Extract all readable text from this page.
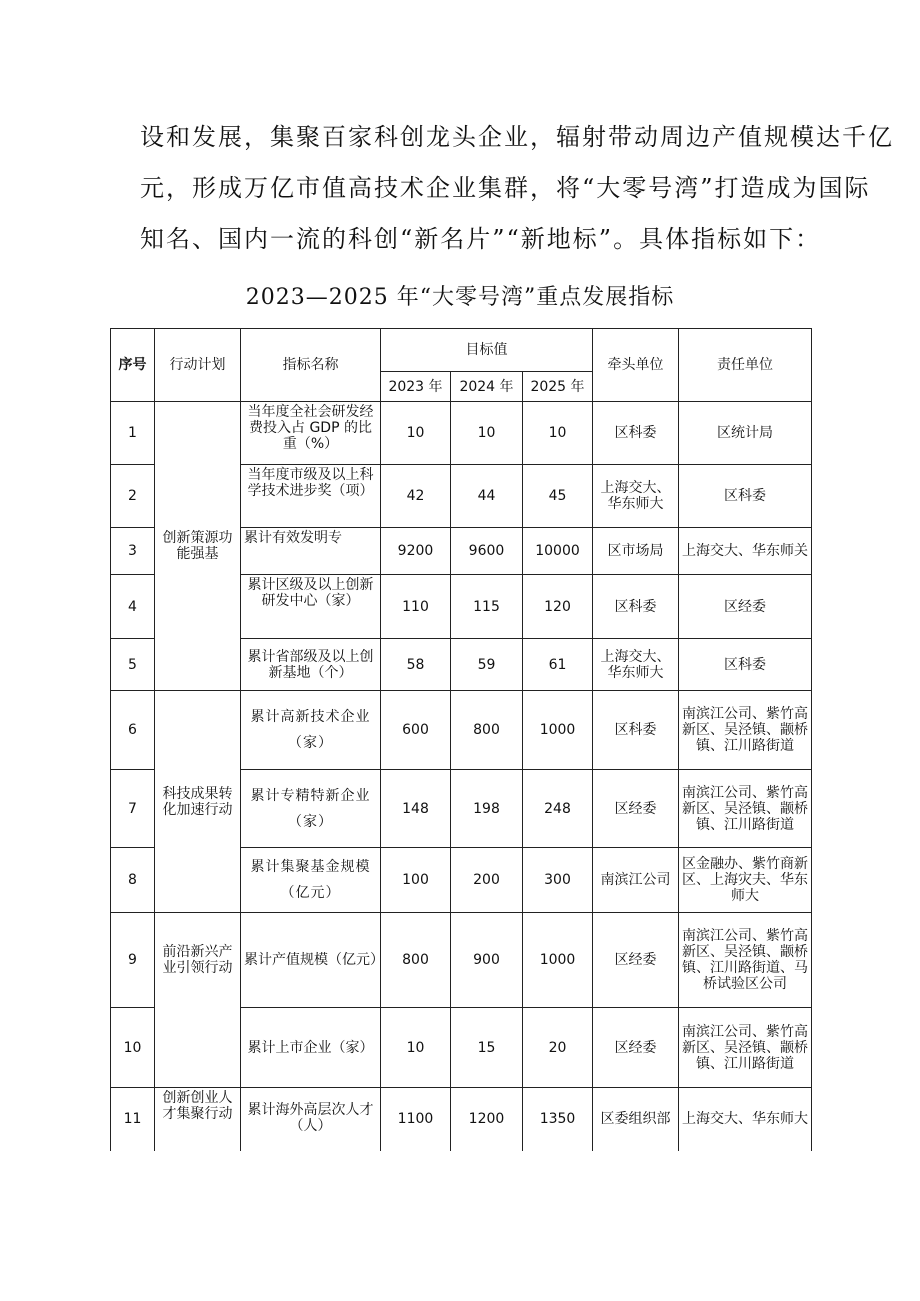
设和发展，集聚百家科创龙头企业，辐射带动周边产值规模达千亿

元，形成万亿市值高技术企业集群，将“大零号湾”打造成为国际

知名、国内一流的科创“新名片”“新地标”。具体指标如下：

2023—2025 年“大零号湾”重点发展指标
序号	行动计划	指标名称	目标值			牵头单位	责任单位
			2023 年	2024 年	2025 年		
1	创新策源功能强基	当年度全社会研发经费投入占 GDP 的比重（%）	10	10	10	区科委	区统计局
2		当年度市级及以上科学技术进步奖（项）	42	44	45	上海交大、华东师大	区科委
3		累计有效发明专	9200	9600	10000	区市场局	上海交大、华东师关
4		累计区级及以上创新研发中心（家）	110	115	120	区科委	区经委
5		累计省部级及以上创新基地（个）	58	59	61	上海交大、华东师大	区科委
6	科技成果转化加速行动	累计高新技术企业（家）	600	800	1000	区科委	南滨江公司、紫竹高新区、吴泾镇、颛桥镇、江川路街道
7		累计专精特新企业（家）	148	198	248	区经委	南滨江公司、紫竹高新区、吴泾镇、颛桥镇、江川路街道
8		累计集聚基金规模（亿元）	100	200	300	南滨江公司	区金融办、紫竹商新区、上海灾夫、华东师大
9	前沿新兴产业引领行动	累计产值规模（亿元）	800	900	1000	区经委	南滨江公司、紫竹高新区、吴泾镇、颛桥镇、江川路街道、马桥试验区公司
10		累计上市企业（家）	10	15	20	区经委	南滨江公司、紫竹高新区、吴泾镇、颛桥镇、江川路街道
11	创新创业人才集聚行动	累计海外高层次人才（人）	1100	1200	1350	区委组织部	上海交大、华东师大
